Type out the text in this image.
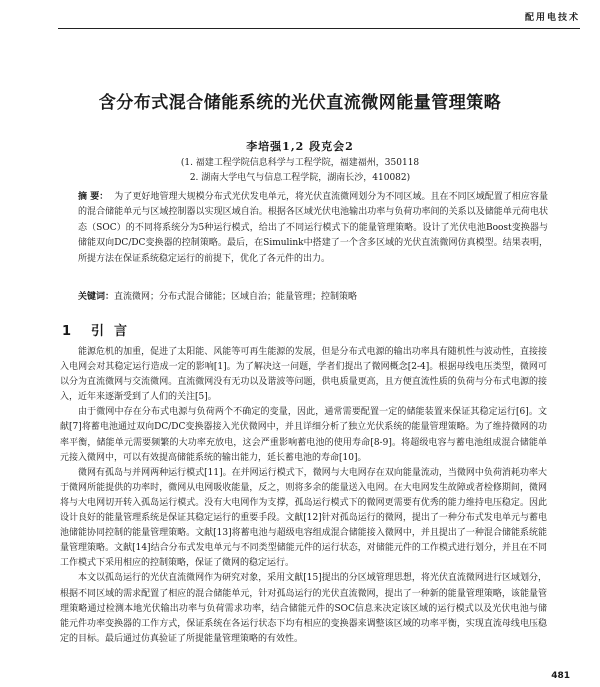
配用电技术
含分布式混合储能系统的光伏直流微网能量管理策略
李培强1,2 段克会2
(1. 福建工程学院信息科学与工程学院，福建福州，350118
2. 湖南大学电气与信息工程学院，湖南长沙，410082)
摘 要： 为了更好地管理大规模分布式光伏发电单元，将光伏直流微网划分为不同区域。且在不同区域配置了相应容量的混合储能单元与区域控制器以实现区域自治。根据各区域光伏电池输出功率与负荷功率间的关系以及储能单元荷电状态（SOC）的不同将系统分为5种运行模式，给出了不同运行模式下的能量管理策略。设计了光伏电池Boost变换器与储能双向DC/DC变换器的控制策略。最后，在Simulink中搭建了一个含多区域的光伏直流微网仿真模型。结果表明，所提方法在保证系统稳定运行的前提下，优化了各元件的出力。
关键词：直流微网；分布式混合储能；区域自治；能量管理；控制策略
1 引言

能源危机的加重，促进了太阳能、风能等可再生能源的发展，但是分布式电源的输出功率具有随机性与波动性，直接接入电网会对其稳定运行造成一定的影响[1]。为了解决这一问题，学者们提出了微网概念[2-4]。根据母线电压类型，微网可以分为直流微网与交流微网。直流微网没有无功以及谐波等问题，供电质量更高，且方便直流性质的负荷与分布式电源的接入，近年来逐渐受到了人们的关注[5]。

由于微网中存在分布式电源与负荷两个不确定的变量，因此，通常需要配置一定的储能装置来保证其稳定运行[6]。文献[7]将蓄电池通过双向DC/DC变换器接入光伏微网中，并且详细分析了独立光伏系统的能量管理策略。为了维持微网的功率平衡，储能单元需要频繁的大功率充放电，这会严重影响蓄电池的使用寿命[8-9]。将超级电容与蓄电池组成混合储能单元接入微网中，可以有效提高储能系统的输出能力，延长蓄电池的寿命[10]。

微网有孤岛与并网两种运行模式[11]。在并网运行模式下，微网与大电网存在双向能量流动，当微网中负荷消耗功率大于微网所能提供的功率时，微网从电网吸收能量，反之，则将多余的能量送入电网。在大电网发生故障或者检修期间，微网将与大电网切开转入孤岛运行模式。没有大电网作为支撑，孤岛运行模式下的微网更需要有优秀的能力维持电压稳定。因此设计良好的能量管理系统是保证其稳定运行的重要手段。文献[12]针对孤岛运行的微网，提出了一种分布式发电单元与蓄电池储能协同控制的能量管理策略。文献[13]将蓄电池与超级电容组成混合储能接入微网中，并且提出了一种混合储能系统能量管理策略。文献[14]结合分布式发电单元与不同类型储能元件的运行状态，对储能元件的工作模式进行划分，并且在不同工作模式下采用相应的控制策略，保证了微网的稳定运行。

本文以孤岛运行的光伏直流微网作为研究对象，采用文献[15]提出的分区域管理思想，将光伏直流微网进行区域划分，根据不同区域的需求配置了相应的混合储能单元，针对孤岛运行的光伏直流微网，提出了一种新的能量管理策略，该能量管理策略通过检测本地光伏输出功率与负荷需求功率，结合储能元件的SOC信息来决定该区域的运行模式以及光伏电池与储能元件功率变换器的工作方式，保证系统在各运行状态下均有相应的变换器来调整该区域的功率平衡，实现直流母线电压稳定的目标。最后通过仿真验证了所提能量管理策略的有效性。

481
